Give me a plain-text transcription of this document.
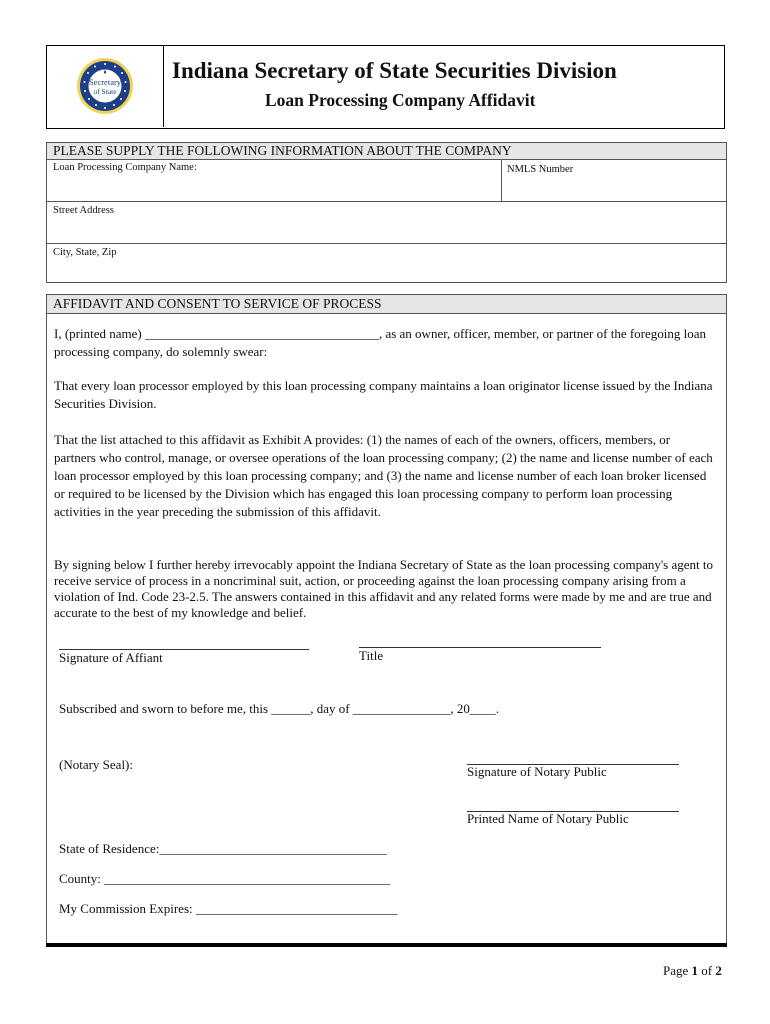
Secretary
of State
Indiana Secretary of State Securities Division
Loan Processing Company Affidavit
PLEASE SUPPLY THE FOLLOWING INFORMATION ABOUT THE COMPANY
Loan Processing Company Name:	NMLS Number
Street Address
City, State, Zip
AFFIDAVIT AND CONSENT TO SERVICE OF PROCESS
I, (printed name) ____________________________________, as an owner, officer, member, or partner of the foregoing loan processing company, do solemnly swear:
That every loan processor employed by this loan processing company maintains a loan originator license issued by the Indiana Securities Division.
That the list attached to this affidavit as Exhibit A provides: (1) the names of each of the owners, officers, members, or partners who control, manage, or oversee operations of the loan processing company; (2) the name and license number of each loan processor employed by this loan processing company; and (3) the name and license number of each loan broker licensed or required to be licensed by the Division which has engaged this loan processing company to perform loan processing activities in the year preceding the submission of this affidavit.
By signing below I further hereby irrevocably appoint the Indiana Secretary of State as the loan processing company's agent to receive service of process in a noncriminal suit, action, or proceeding against the loan processing company arising from a violation of Ind. Code 23-2.5. The answers contained in this affidavit and any related forms were made by me and are true and accurate to the best of my knowledge and belief.
Signature of Affiant	Title
Subscribed and sworn to before me, this ______, day of _______________, 20____.
(Notary Seal):	Signature of Notary Public
Printed Name of Notary Public
State of Residence:___________________________________
County: ____________________________________________
My Commission Expires: _______________________________
Page 1 of 2
